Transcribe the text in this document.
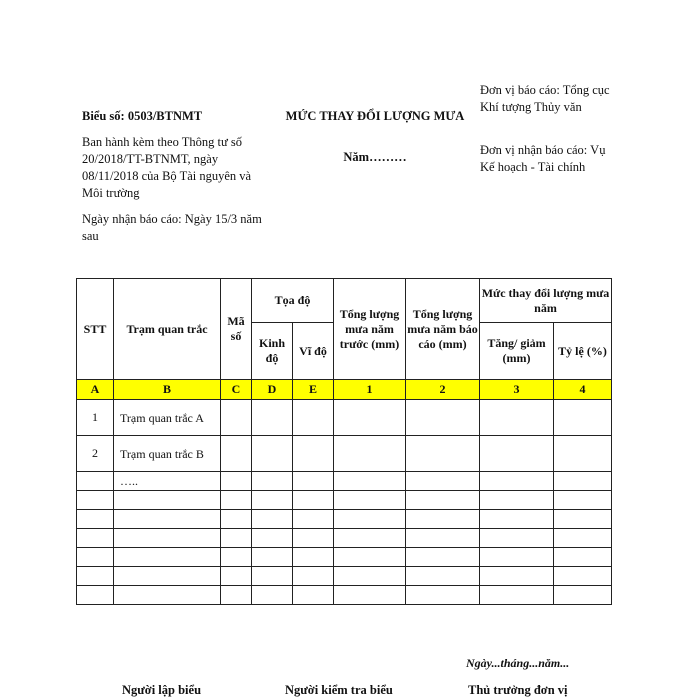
Biểu số: 0503/BTNMT
Ban hành kèm theo Thông tư số 20/2018/TT-BTNMT, ngày 08/11/2018 của Bộ Tài nguyên và Môi trường
Ngày nhận báo cáo: Ngày 15/3 năm sau
MỨC THAY ĐỔI LƯỢNG MƯA
Năm………
Đơn vị báo cáo: Tổng cục Khí tượng Thủy văn
Đơn vị nhận báo cáo: Vụ Kế hoạch - Tài chính
STT	Trạm quan trắc	Mã số	Tọa độ		Tổng lượng mưa năm trước (mm)	Tổng lượng mưa năm báo cáo (mm)	Mức thay đổi lượng mưa năm	
			Kinh độ	Vĩ độ			Tăng/ giảm (mm)	Tỷ lệ (%)
A	B	C	D	E	1	2	3	4
1	Trạm quan trắc A							
2	Trạm quan trắc B							
	…..							

Ngày...tháng...năm...
Người lập biểu	Người kiểm tra biểu	Thủ trưởng đơn vị
